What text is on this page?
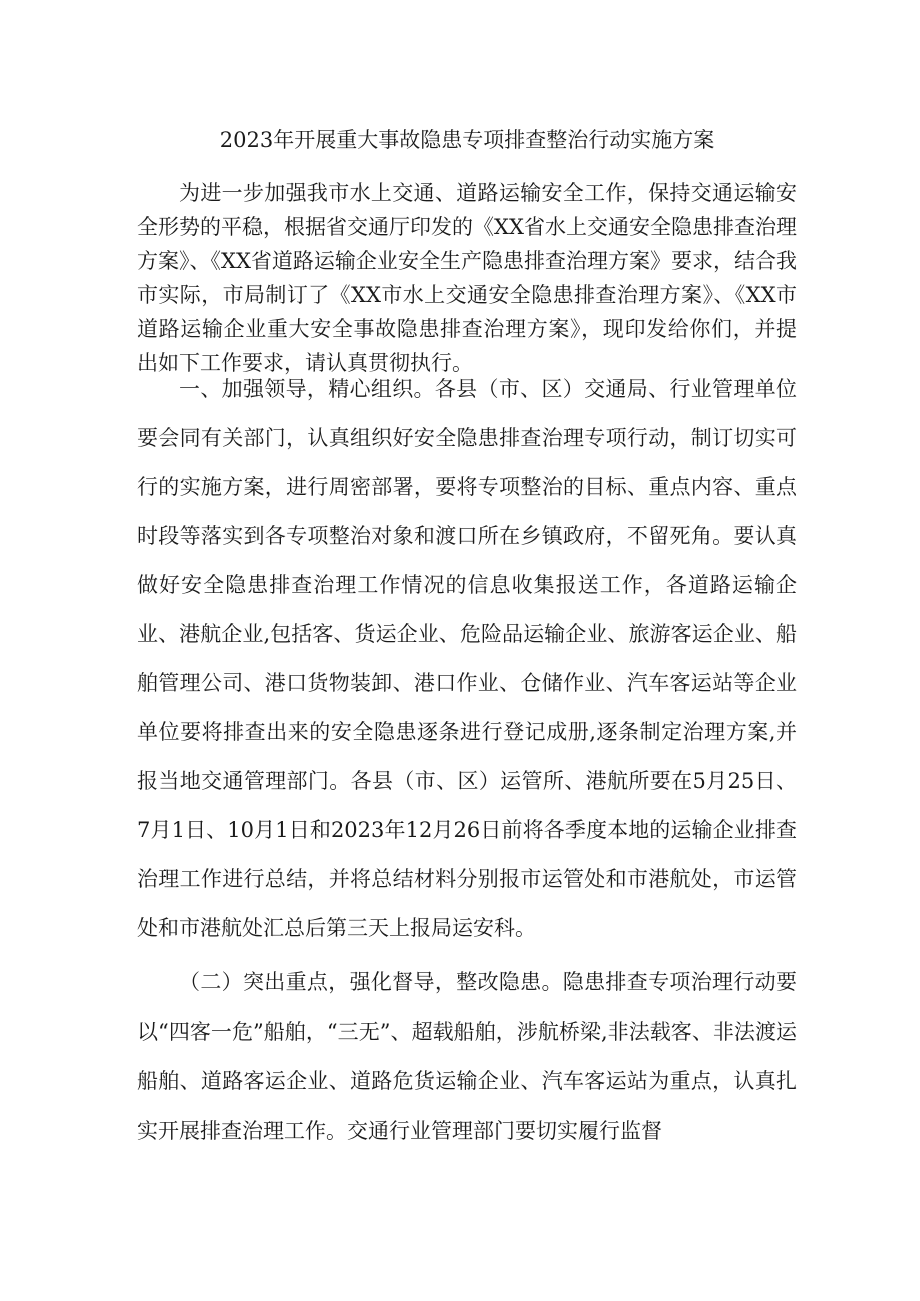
2023年开展重大事故隐患专项排查整治行动实施方案

为进一步加强我市水上交通、道路运输安全工作，保持交通运输安全形势的平稳，根据省交通厅印发的《XX省水上交通安全隐患排查治理方案》、《XX省道路运输企业安全生产隐患排查治理方案》要求，结合我市实际，市局制订了《XX市水上交通安全隐患排查治理方案》、《XX市道路运输企业重大安全事故隐患排查治理方案》，现印发给你们，并提出如下工作要求，请认真贯彻执行。

一、加强领导，精心组织。各县（市、区）交通局、行业管理单位要会同有关部门，认真组织好安全隐患排查治理专项行动，制订切实可行的实施方案，进行周密部署，要将专项整治的目标、重点内容、重点时段等落实到各专项整治对象和渡口所在乡镇政府，不留死角。要认真做好安全隐患排查治理工作情况的信息收集报送工作，各道路运输企业、港航企业,包括客、货运企业、危险品运输企业、旅游客运企业、船舶管理公司、港口货物装卸、港口作业、仓储作业、汽车客运站等企业单位要将排查出来的安全隐患逐条进行登记成册,逐条制定治理方案,并报当地交通管理部门。各县（市、区）运管所、港航所要在5月25日、7月1日、10月1日和2023年12月26日前将各季度本地的运输企业排查治理工作进行总结，并将总结材料分别报市运管处和市港航处，市运管处和市港航处汇总后第三天上报局运安科。

（二）突出重点，强化督导，整改隐患。隐患排查专项治理行动要以“四客一危”船舶，“三无”、超载船舶，涉航桥梁,非法载客、非法渡运船舶、道路客运企业、道路危货运输企业、汽车客运站为重点，认真扎实开展排查治理工作。交通行业管理部门要切实履行监督
